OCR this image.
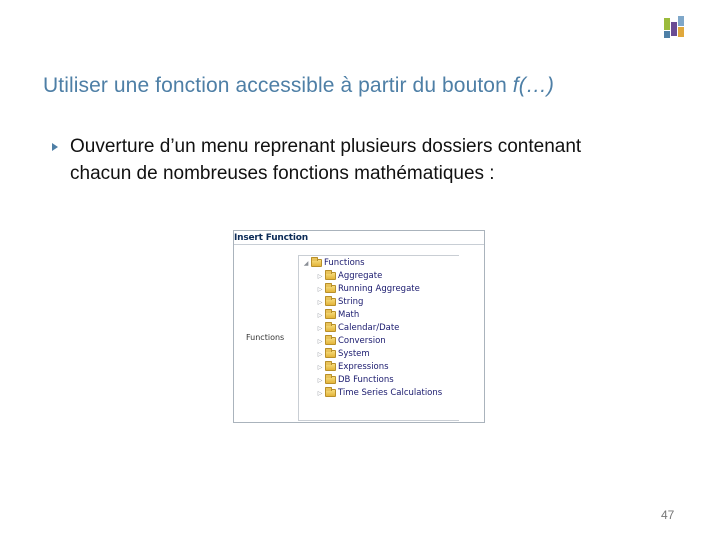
Utiliser une fonction accessible à partir du bouton f(…)
Ouverture d’un menu reprenant plusieurs dossiers contenant
chacun de nombreuses fonctions mathématiques :
Insert Function
Functions
◢	Functions
▷	Aggregate
▷	Running Aggregate
▷	String
▷	Math
▷	Calendar/Date
▷	Conversion
▷	System
▷	Expressions
▷	DB Functions
▷	Time Series Calculations
47
